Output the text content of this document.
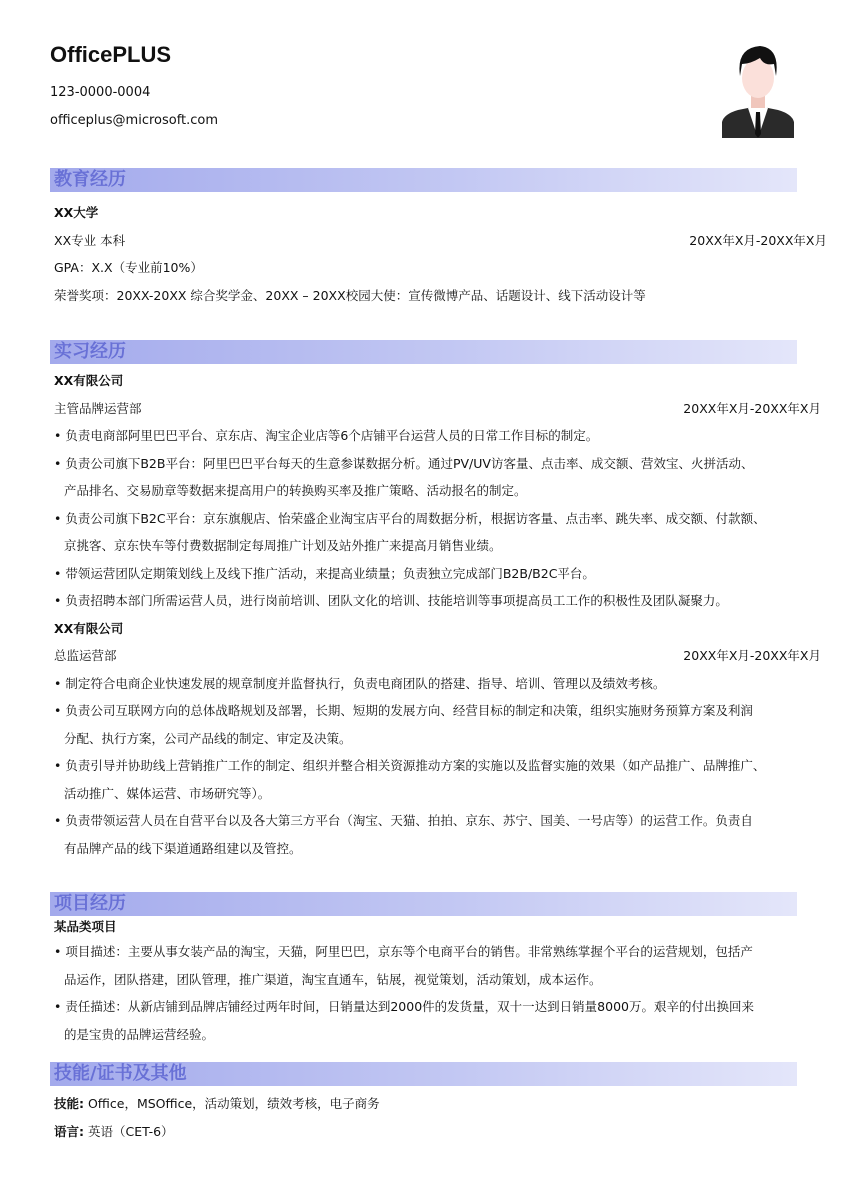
OfficePLUS
123-0000-0004
officeplus@microsoft.com
教育经历
XX大学
XX专业 本科	20XX年X月-20XX年X月
GPA：X.X（专业前10%）
荣誉奖项：20XX-20XX 综合奖学金、20XX – 20XX校园大使：宣传微博产品、话题设计、线下活动设计等
实习经历
XX有限公司
主管品牌运营部	20XX年X月-20XX年X月
• 负责电商部阿里巴巴平台、京东店、淘宝企业店等6个店铺平台运营人员的日常工作目标的制定。
• 负责公司旗下B2B平台：阿里巴巴平台每天的生意参谋数据分析。通过PV/UV访客量、点击率、成交额、营效宝、火拼活动、
产品排名、交易励章等数据来提高用户的转换购买率及推广策略、活动报名的制定。
• 负责公司旗下B2C平台：京东旗舰店、怡荣盛企业淘宝店平台的周数据分析，根据访客量、点击率、跳失率、成交额、付款额、
京挑客、京东快车等付费数据制定每周推广计划及站外推广来提高月销售业绩。
• 带领运营团队定期策划线上及线下推广活动，来提高业绩量；负责独立完成部门B2B/B2C平台。
• 负责招聘本部门所需运营人员，进行岗前培训、团队文化的培训、技能培训等事项提高员工工作的积极性及团队凝聚力。
XX有限公司
总监运营部	20XX年X月-20XX年X月
• 制定符合电商企业快速发展的规章制度并监督执行，负责电商团队的搭建、指导、培训、管理以及绩效考核。
• 负责公司互联网方向的总体战略规划及部署，长期、短期的发展方向、经营目标的制定和决策，组织实施财务预算方案及利润
分配、执行方案，公司产品线的制定、审定及决策。
• 负责引导并协助线上营销推广工作的制定、组织并整合相关资源推动方案的实施以及监督实施的效果（如产品推广、品牌推广、
活动推广、媒体运营、市场研究等）。
• 负责带领运营人员在自营平台以及各大第三方平台（淘宝、天猫、拍拍、京东、苏宁、国美、一号店等）的运营工作。负责自
有品牌产品的线下渠道通路组建以及管控。
项目经历
某品类项目
• 项目描述：主要从事女装产品的淘宝，天猫，阿里巴巴，京东等个电商平台的销售。非常熟练掌握个平台的运营规划，包括产
品运作，团队搭建，团队管理，推广渠道，淘宝直通车，钻展，视觉策划，活动策划，成本运作。
• 责任描述：从新店铺到品牌店铺经过两年时间，日销量达到2000件的发货量，双十一达到日销量8000万。艰辛的付出换回来
的是宝贵的品牌运营经验。
技能/证书及其他
技能: Office，MSOffice，活动策划，绩效考核，电子商务
语言: 英语（CET-6）
